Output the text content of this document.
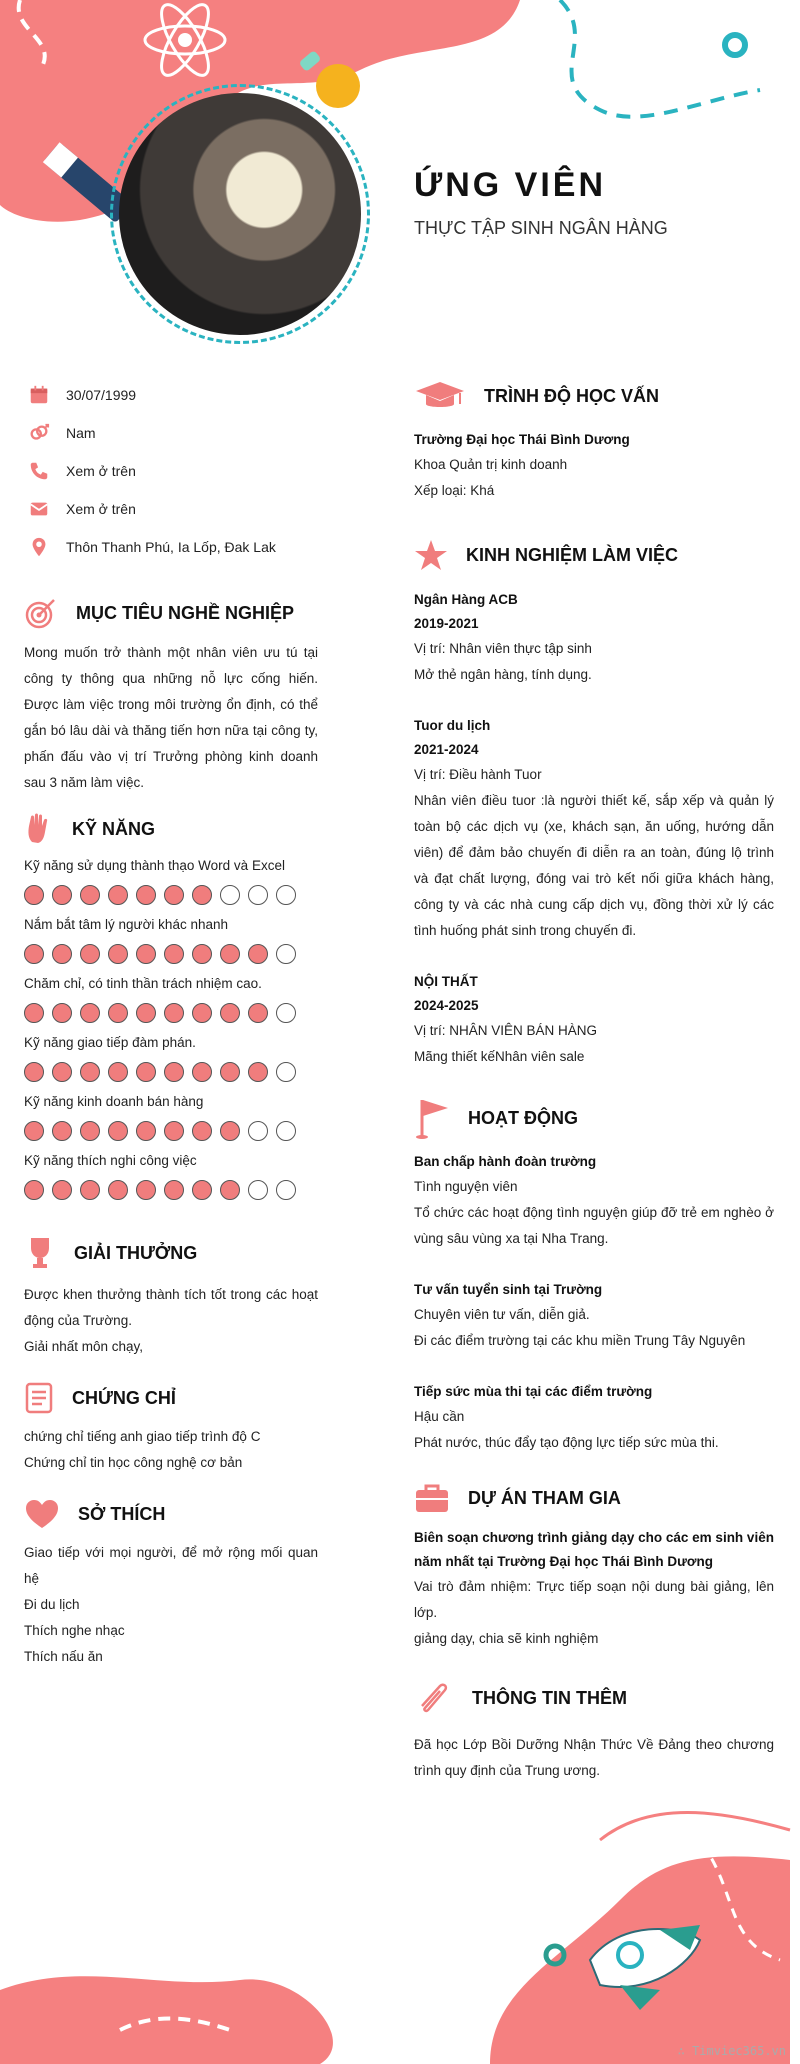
ỨNG VIÊN
THỰC TẬP SINH NGÂN HÀNG
30/07/1999
Nam
Xem ở trên
Xem ở trên
Thôn Thanh Phú, Ia Lốp, Đak Lak
MỤC TIÊU NGHỀ NGHIỆP
Mong muốn trở thành một nhân viên ưu tú tại công ty thông qua những nỗ lực cống hiến. Được làm việc trong môi trường ổn định, có thể gắn bó lâu dài và thăng tiến hơn nữa tại công ty, phấn đấu vào vị trí Trưởng phòng kinh doanh sau 3 năm làm việc.
KỸ NĂNG
Kỹ năng sử dụng thành thạo Word và Excel
Nắm bắt tâm lý người khác nhanh
Chăm chỉ, có tinh thần trách nhiệm cao.
Kỹ năng giao tiếp đàm phán.
Kỹ năng kinh doanh bán hàng
Kỹ năng thích nghi công việc
GIẢI THƯỞNG
Được khen thưởng thành tích tốt trong các hoạt động của Trường.
Giải nhất môn chạy,
CHỨNG CHỈ
chứng chỉ tiếng anh giao tiếp trình độ C
Chứng chỉ tin học công nghệ cơ bản
SỞ THÍCH
Giao tiếp với mọi người, để mở rộng mối quan hệ
Đi du lịch
Thích nghe nhạc
Thích nấu ăn
TRÌNH ĐỘ HỌC VẤN
Trường Đại học Thái Bình Dương
Khoa Quản trị kinh doanh
Xếp loại: Khá
KINH NGHIỆM LÀM VIỆC
Ngân Hàng ACB
2019-2021
Vị trí: Nhân viên thực tập sinh
Mở thẻ ngân hàng, tính dụng.
Tuor du lịch
2021-2024
Vị trí: Điều hành Tuor
Nhân viên điều tuor :là người thiết kế, sắp xếp và quản lý toàn bộ các dịch vụ (xe, khách sạn, ăn uống, hướng dẫn viên) để đảm bảo chuyến đi diễn ra an toàn, đúng lộ trình và đạt chất lượng, đóng vai trò kết nối giữa khách hàng, công ty và các nhà cung cấp dịch vụ, đồng thời xử lý các tình huống phát sinh trong chuyến đi.
NỘI THẤT
2024-2025
Vị trí: NHÂN VIÊN BÁN HÀNG
Mãng thiết kếNhân viên sale
HOẠT ĐỘNG
Ban chấp hành đoàn trường
Tình nguyện viên
Tổ chức các hoạt động tình nguyện giúp đỡ trẻ em nghèo ở vùng sâu vùng xa tại Nha Trang.
Tư vấn tuyển sinh tại Trường
Chuyên viên tư vấn, diễn giả.
Đi các điểm trường tại các khu miền Trung Tây Nguyên
Tiếp sức mùa thi tại các điểm trường
Hậu cần
Phát nước, thúc đẩy tạo động lực tiếp sức mùa thi.
DỰ ÁN THAM GIA
Biên soạn chương trình giảng dạy cho các em sinh viên năm nhất tại Trường Đại học Thái Bình Dương
Vai trò đảm nhiệm: Trực tiếp soạn nội dung bài giảng, lên lớp.
giảng dạy, chia sẽ kinh nghiệm
THÔNG TIN THÊM
Đã học Lớp Bồi Dưỡng Nhận Thức Về Đảng theo chương trình quy định của Trung ương.
∴ Timviec365.vn
